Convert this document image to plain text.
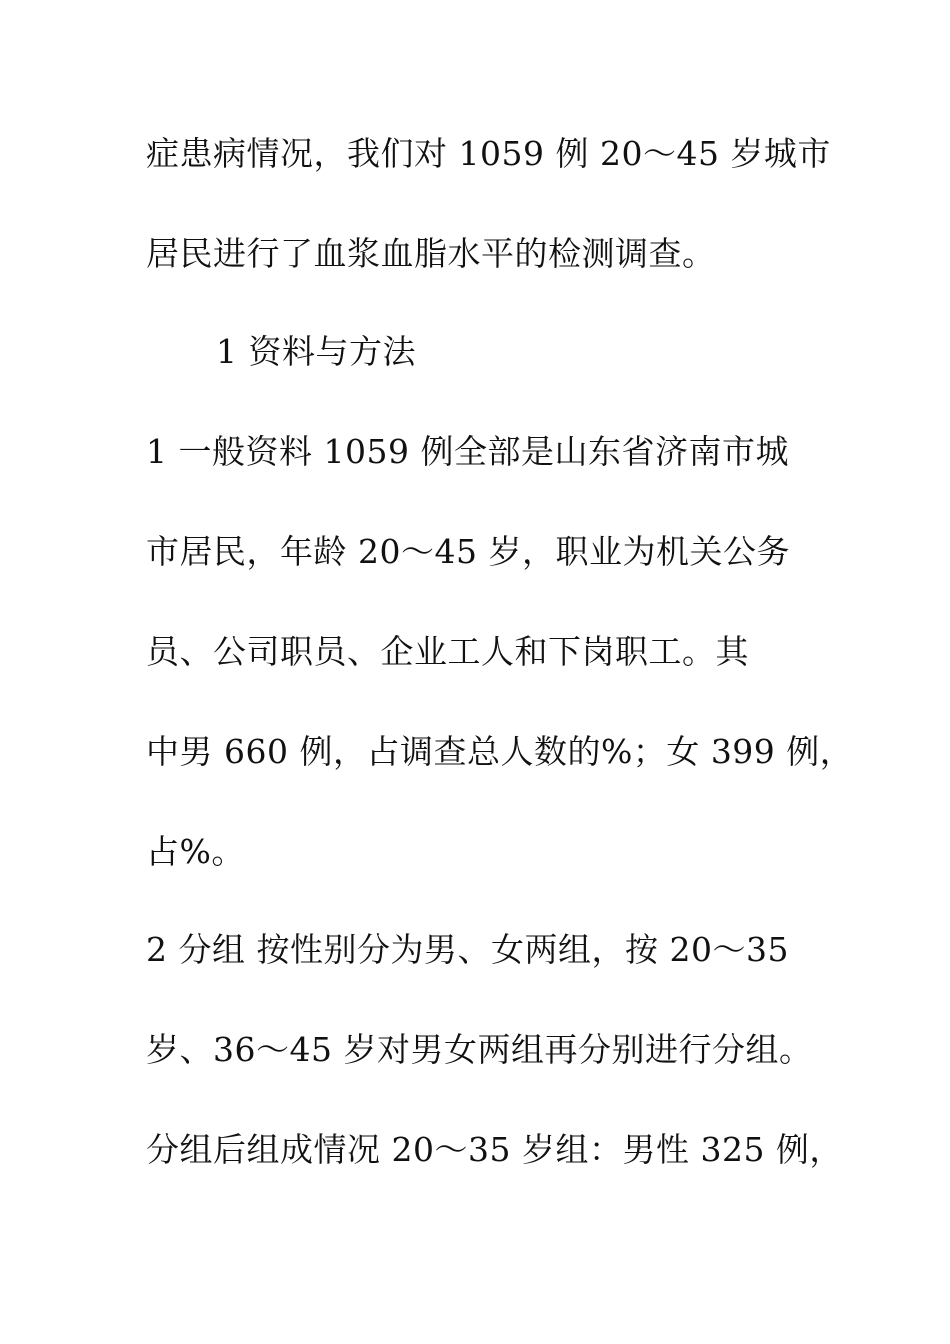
症患病情况，我们对 1059 例 20～45 岁城市
居民进行了血浆血脂水平的检测调查。
1 资料与方法
1 一般资料 1059 例全部是山东省济南市城
市居民，年龄 20～45 岁，职业为机关公务
员、公司职员、企业工人和下岗职工。其
中男 660 例，占调查总人数的%；女 399 例，
占%。
2 分组 按性别分为男、女两组，按 20～35
岁、36～45 岁对男女两组再分别进行分组。
分组后组成情况 20～35 岁组：男性 325 例，
